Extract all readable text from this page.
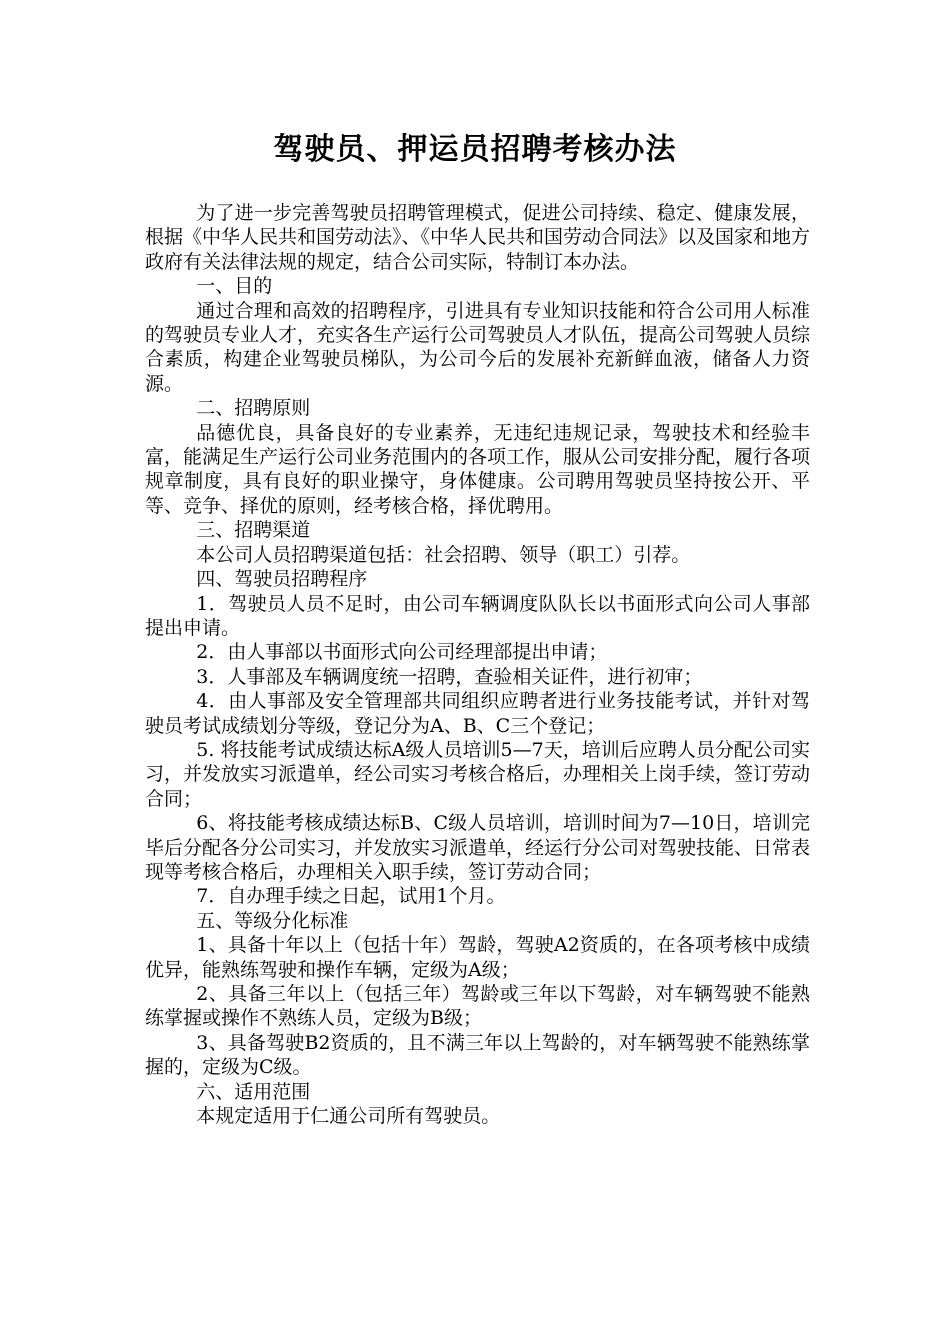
驾驶员、押运员招聘考核办法

为了进一步完善驾驶员招聘管理模式，促进公司持续、稳定、健康发展，根据《中华人民共和国劳动法》、《中华人民共和国劳动合同法》以及国家和地方政府有关法律法规的规定，结合公司实际，特制订本办法。

一、目的

通过合理和高效的招聘程序，引进具有专业知识技能和符合公司用人标准的驾驶员专业人才，充实各生产运行公司驾驶员人才队伍，提高公司驾驶人员综合素质，构建企业驾驶员梯队，为公司今后的发展补充新鲜血液，储备人力资源。

二、招聘原则

品德优良，具备良好的专业素养，无违纪违规记录，驾驶技术和经验丰富，能满足生产运行公司业务范围内的各项工作，服从公司安排分配，履行各项规章制度，具有良好的职业操守，身体健康。公司聘用驾驶员坚持按公开、平等、竞争、择优的原则，经考核合格，择优聘用。

三、招聘渠道

本公司人员招聘渠道包括：社会招聘、领导（职工）引荐。

四、驾驶员招聘程序

1．驾驶员人员不足时，由公司车辆调度队队长以书面形式向公司人事部提出申请。

2．由人事部以书面形式向公司经理部提出申请；

3．人事部及车辆调度统一招聘，查验相关证件，进行初审；

4．由人事部及安全管理部共同组织应聘者进行业务技能考试，并针对驾驶员考试成绩划分等级，登记分为A、B、C三个登记；

5. 将技能考试成绩达标A级人员培训5—7天，培训后应聘人员分配公司实习，并发放实习派遣单，经公司实习考核合格后，办理相关上岗手续，签订劳动合同；

6、将技能考核成绩达标B、C级人员培训，培训时间为7—10日，培训完毕后分配各分公司实习，并发放实习派遣单，经运行分公司对驾驶技能、日常表现等考核合格后，办理相关入职手续，签订劳动合同；

7．自办理手续之日起，试用1个月。

五、等级分化标准

1、具备十年以上（包括十年）驾龄，驾驶A2资质的，在各项考核中成绩优异，能熟练驾驶和操作车辆，定级为A级；

2、具备三年以上（包括三年）驾龄或三年以下驾龄，对车辆驾驶不能熟练掌握或操作不熟练人员，定级为B级；

3、具备驾驶B2资质的，且不满三年以上驾龄的，对车辆驾驶不能熟练掌握的，定级为C级。

六、适用范围

本规定适用于仁通公司所有驾驶员。
